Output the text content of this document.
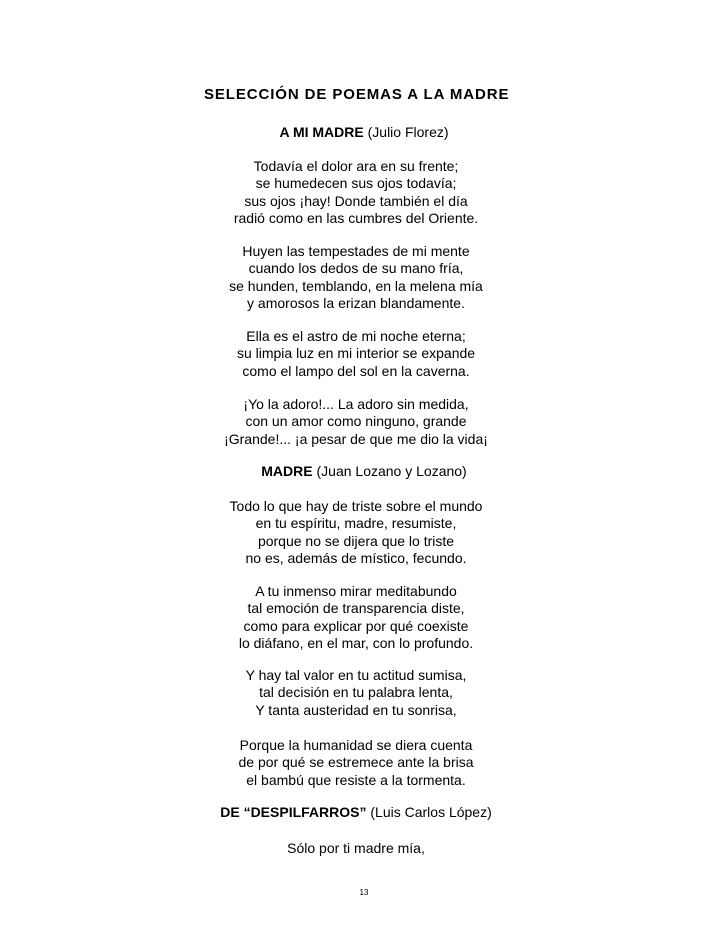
SELECCIÓN DE POEMAS A LA MADRE
A MI MADRE (Julio Florez)
Todavía el dolor ara en su frente;
se humedecen sus ojos todavía;
sus ojos ¡hay! Donde también el día
radió como en las cumbres del Oriente.
Huyen las tempestades de mi mente
cuando los dedos de su mano fría,
se hunden, temblando, en la melena mía
y amorosos la erizan blandamente.
Ella es el astro de mi noche eterna;
su limpia luz en mi interior se expande
como el lampo del sol en la caverna.
¡Yo la adoro!... La adoro sin medida,
con un amor como ninguno, grande
¡Grande!... ¡a pesar de que me dio la vida¡
MADRE (Juan Lozano y Lozano)
Todo lo que hay de triste sobre el mundo
en tu espíritu, madre, resumiste,
porque no se dijera que lo triste
no es, además de místico, fecundo.
A tu inmenso mirar meditabundo
tal emoción de transparencia diste,
como para explicar por qué coexiste
lo diáfano, en el mar, con lo profundo.
Y hay tal valor en tu actitud sumisa,
tal decisión en tu palabra lenta,
Y tanta austeridad en tu sonrisa,
Porque la humanidad se diera cuenta
de por qué se estremece ante la brisa
el bambú que resiste a la tormenta.
DE “DESPILFARROS” (Luis Carlos López)
Sólo por ti madre mía,
13
